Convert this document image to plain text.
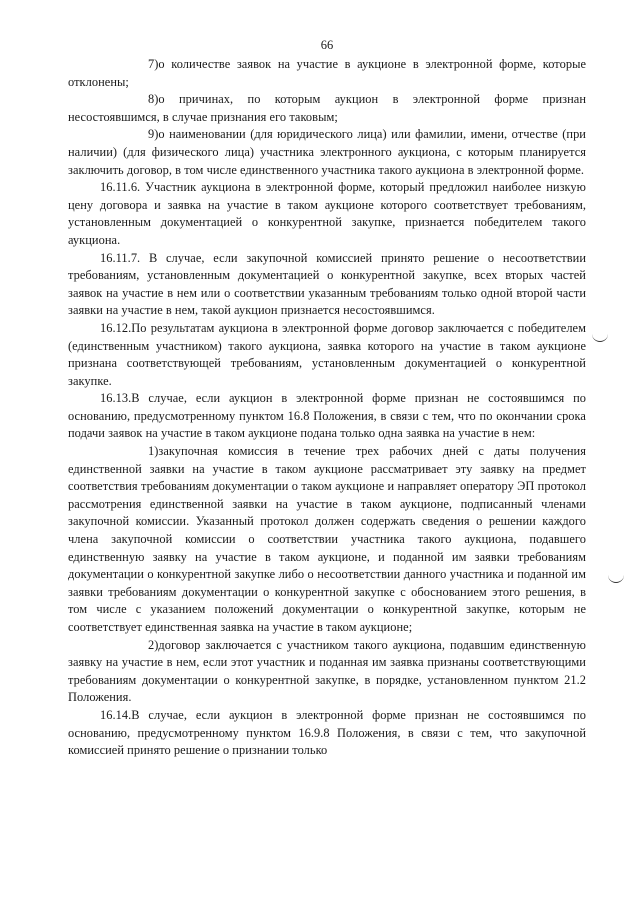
66

7)о количестве заявок на участие в аукционе в электронной форме, которые отклонены;

8)о причинах, по которым аукцион в электронной форме признан несостоявшимся, в случае признания его таковым;

9)о наименовании (для юридического лица) или фамилии, имени, отчестве (при наличии) (для физического лица) участника электронного аукциона, с которым планируется заключить договор, в том числе единственного участника такого аукциона в электронной форме.

16.11.6. Участник аукциона в электронной форме, который предложил наиболее низкую цену договора и заявка на участие в таком аукционе которого соответствует требованиям, установленным документацией о конкурентной закупке, признается победителем такого аукциона.

16.11.7. В случае, если закупочной комиссией принято решение о несоответствии требованиям, установленным документацией о конкурентной закупке, всех вторых частей заявок на участие в нем или о соответствии указанным требованиям только одной второй части заявки на участие в нем, такой аукцион признается несостоявшимся.

16.12.По результатам аукциона в электронной форме договор заключается с победителем (единственным участником) такого аукциона, заявка которого на участие в таком аукционе признана соответствующей требованиям, установленным документацией о конкурентной закупке.

16.13.В случае, если аукцион в электронной форме признан не состоявшимся по основанию, предусмотренному пунктом 16.8 Положения, в связи с тем, что по окончании срока подачи заявок на участие в таком аукционе подана только одна заявка на участие в нем:

1)закупочная комиссия в течение трех рабочих дней с даты получения единственной заявки на участие в таком аукционе рассматривает эту заявку на предмет соответствия требованиям документации о таком аукционе и направляет оператору ЭП протокол рассмотрения единственной заявки на участие в таком аукционе, подписанный членами закупочной комиссии. Указанный протокол должен содержать сведения о решении каждого члена закупочной комиссии о соответствии участника такого аукциона, подавшего единственную заявку на участие в таком аукционе, и поданной им заявки требованиям документации о конкурентной закупке либо о несоответствии данного участника и поданной им заявки требованиям документации о конкурентной закупке с обоснованием этого решения, в том числе с указанием положений документации о конкурентной закупке, которым не соответствует единственная заявка на участие в таком аукционе;

2)договор заключается с участником такого аукциона, подавшим единственную заявку на участие в нем, если этот участник и поданная им заявка признаны соответствующими требованиям документации о конкурентной закупке, в порядке, установленном пунктом 21.2 Положения.

16.14.В случае, если аукцион в электронной форме признан не состоявшимся по основанию, предусмотренному пунктом 16.9.8 Положения, в связи с тем, что закупочной комиссией принято решение о признании только
